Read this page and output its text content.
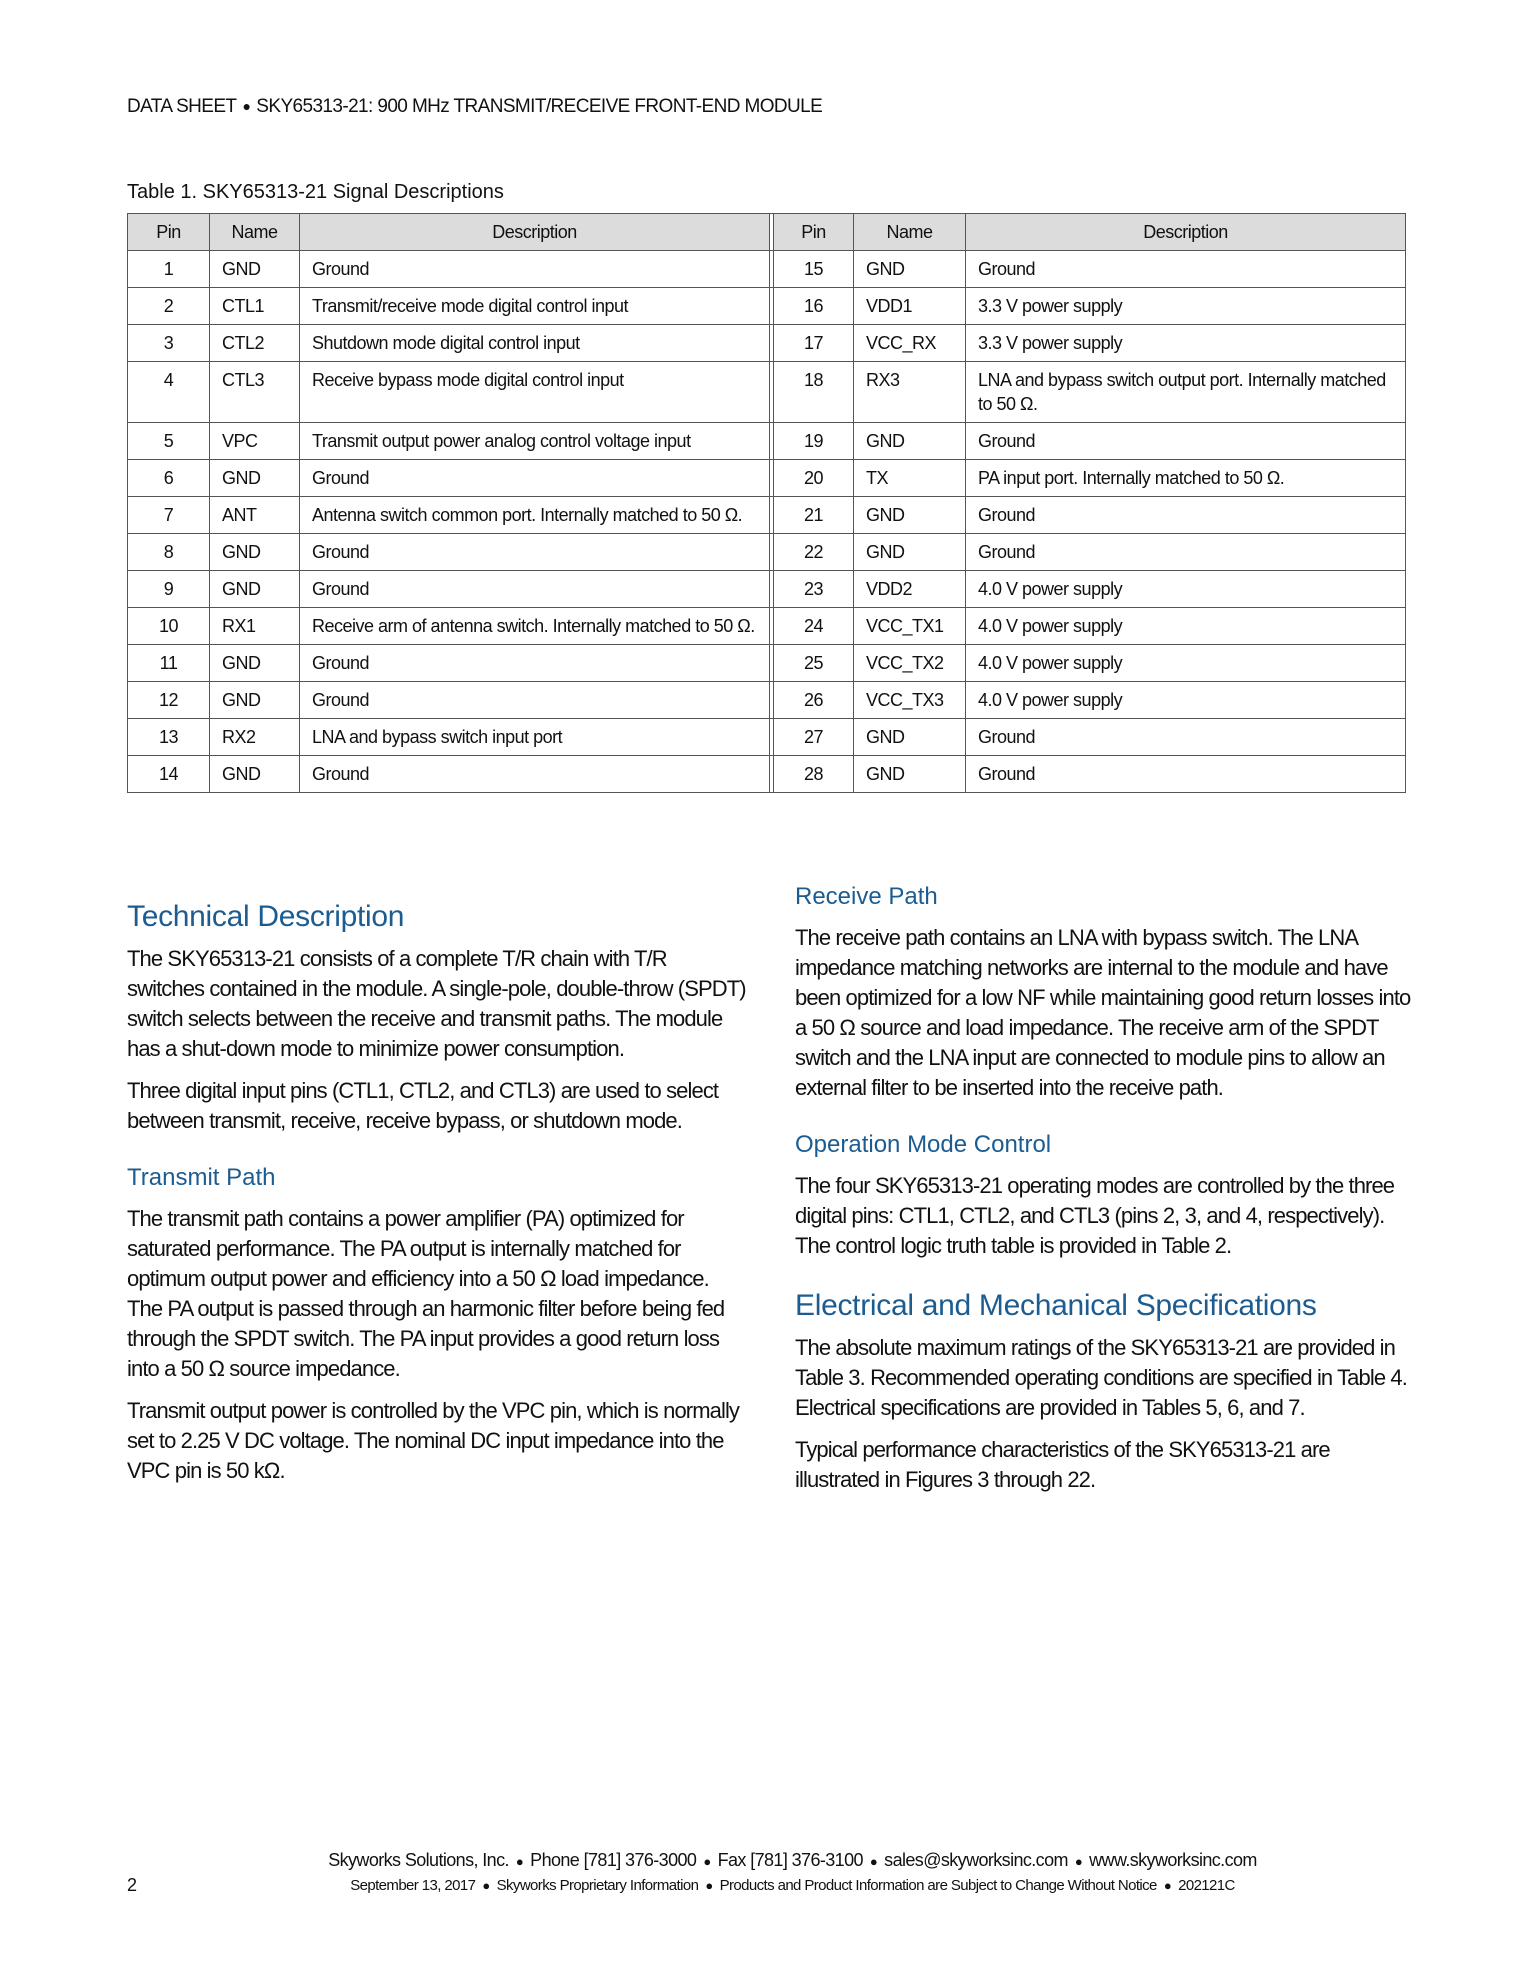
DATA SHEET ● SKY65313-21: 900 MHz TRANSMIT/RECEIVE FRONT-END MODULE
Table 1. SKY65313-21 Signal Descriptions
Pin	Name	Description		Pin	Name	Description
1	GND	Ground		15	GND	Ground
2	CTL1	Transmit/receive mode digital control input		16	VDD1	3.3 V power supply
3	CTL2	Shutdown mode digital control input		17	VCC_RX	3.3 V power supply
4	CTL3	Receive bypass mode digital control input		18	RX3	LNA and bypass switch output port. Internally matched to 50 Ω.
5	VPC	Transmit output power analog control voltage input		19	GND	Ground
6	GND	Ground		20	TX	PA input port. Internally matched to 50 Ω.
7	ANT	Antenna switch common port. Internally matched to 50 Ω.		21	GND	Ground
8	GND	Ground		22	GND	Ground
9	GND	Ground		23	VDD2	4.0 V power supply
10	RX1	Receive arm of antenna switch. Internally matched to 50 Ω.		24	VCC_TX1	4.0 V power supply
11	GND	Ground		25	VCC_TX2	4.0 V power supply
12	GND	Ground		26	VCC_TX3	4.0 V power supply
13	RX2	LNA and bypass switch input port		27	GND	Ground
14	GND	Ground		28	GND	Ground
Technical Description

The SKY65313-21 consists of a complete T/R chain with T/R switches contained in the module. A single-pole, double-throw (SPDT) switch selects between the receive and transmit paths. The module has a shut-down mode to minimize power consumption.

Three digital input pins (CTL1, CTL2, and CTL3) are used to select between transmit, receive, receive bypass, or shutdown mode.

Transmit Path

The transmit path contains a power amplifier (PA) optimized for saturated performance. The PA output is internally matched for optimum output power and efficiency into a 50 Ω load impedance. The PA output is passed through an harmonic filter before being fed through the SPDT switch. The PA input provides a good return loss into a 50 Ω source impedance.

Transmit output power is controlled by the VPC pin, which is normally set to 2.25 V DC voltage. The nominal DC input impedance into the VPC pin is 50 kΩ.

Receive Path

The receive path contains an LNA with bypass switch. The LNA impedance matching networks are internal to the module and have been optimized for a low NF while maintaining good return losses into a 50 Ω source and load impedance. The receive arm of the SPDT switch and the LNA input are connected to module pins to allow an external filter to be inserted into the receive path.

Operation Mode Control

The four SKY65313-21 operating modes are controlled by the three digital pins: CTL1, CTL2, and CTL3 (pins 2, 3, and 4, respectively). The control logic truth table is provided in Table 2.

Electrical and Mechanical Specifications

The absolute maximum ratings of the SKY65313-21 are provided in Table 3. Recommended operating conditions are specified in Table 4. Electrical specifications are provided in Tables 5, 6, and 7.

Typical performance characteristics of the SKY65313-21 are illustrated in Figures 3 through 22.

Skyworks Solutions, Inc. ● Phone [781] 376-3000 ● Fax [781] 376-3100 ● sales@skyworksinc.com ● www.skyworksinc.com
2	September 13, 2017 ● Skyworks Proprietary Information ● Products and Product Information are Subject to Change Without Notice ● 202121C
